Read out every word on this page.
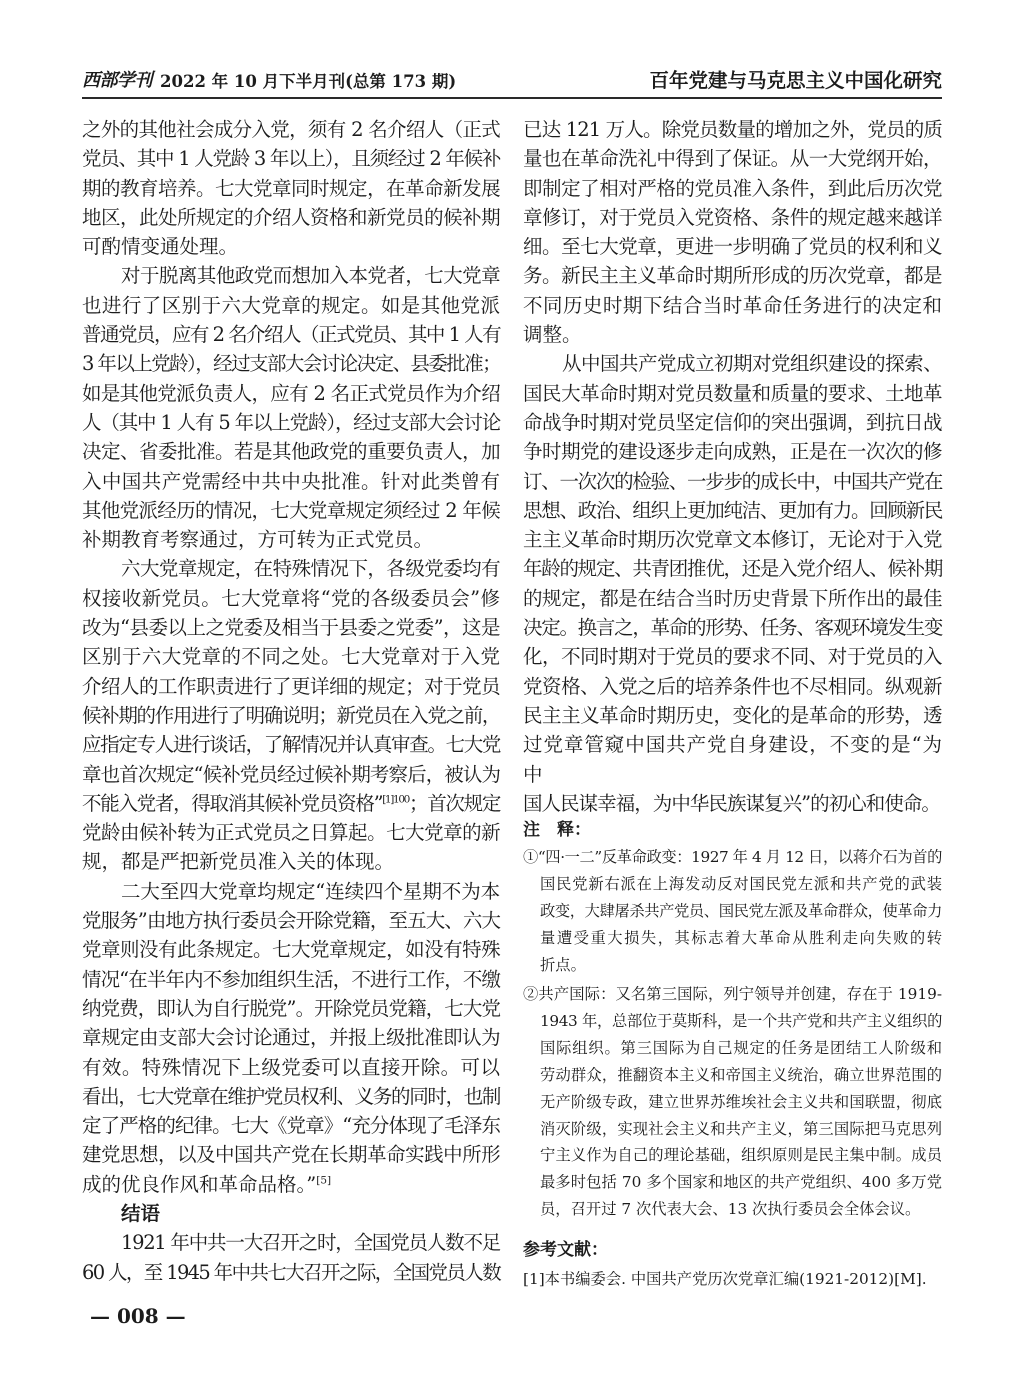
西部学刊 2022 年 10 月下半月刊(总第 173 期)	百年党建与马克思主义中国化研究
之外的其他社会成分入党，须有 2 名介绍人（正式
党员、其中 1 人党龄 3 年以上），且须经过 2 年候补
期的教育培养。七大党章同时规定，在革命新发展
地区，此处所规定的介绍人资格和新党员的候补期
可酌情变通处理。
对于脱离其他政党而想加入本党者，七大党章
也进行了区别于六大党章的规定。如是其他党派
普通党员，应有 2 名介绍人（正式党员、其中 1 人有
3 年以上党龄），经过支部大会讨论决定、县委批准；
如是其他党派负责人，应有 2 名正式党员作为介绍
人（其中 1 人有 5 年以上党龄），经过支部大会讨论
决定、省委批准。若是其他政党的重要负责人，加
入中国共产党需经中共中央批准。针对此类曾有
其他党派经历的情况，七大党章规定须经过 2 年候
补期教育考察通过，方可转为正式党员。
六大党章规定，在特殊情况下，各级党委均有
权接收新党员。七大党章将“党的各级委员会”修
改为“县委以上之党委及相当于县委之党委”，这是
区别于六大党章的不同之处。七大党章对于入党
介绍人的工作职责进行了更详细的规定；对于党员
候补期的作用进行了明确说明；新党员在入党之前，
应指定专人进行谈话，了解情况并认真审查。七大党
章也首次规定“候补党员经过候补期考察后，被认为
不能入党者，得取消其候补党员资格”$^{[1]100}$；首次规定
党龄由候补转为正式党员之日算起。七大党章的新
规，都是严把新党员准入关的体现。
二大至四大党章均规定“连续四个星期不为本
党服务”由地方执行委员会开除党籍，至五大、六大
党章则没有此条规定。七大党章规定，如没有特殊
情况“在半年内不参加组织生活，不进行工作，不缴
纳党费，即认为自行脱党”。开除党员党籍，七大党
章规定由支部大会讨论通过，并报上级批准即认为
有效。特殊情况下上级党委可以直接开除。可以
看出，七大党章在维护党员权利、义务的同时，也制
定了严格的纪律。七大《党章》“充分体现了毛泽东
建党思想，以及中国共产党在长期革命实践中所形
成的优良作风和革命品格。”[5]
结语
1921 年中共一大召开之时，全国党员人数不足
60 人，至 1945 年中共七大召开之际，全国党员人数
已达 121 万人。除党员数量的增加之外，党员的质
量也在革命洗礼中得到了保证。从一大党纲开始，
即制定了相对严格的党员准入条件，到此后历次党
章修订，对于党员入党资格、条件的规定越来越详
细。至七大党章，更进一步明确了党员的权利和义
务。新民主主义革命时期所形成的历次党章，都是
不同历史时期下结合当时革命任务进行的决定和
调整。
从中国共产党成立初期对党组织建设的探索、
国民大革命时期对党员数量和质量的要求、土地革
命战争时期对党员坚定信仰的突出强调，到抗日战
争时期党的建设逐步走向成熟，正是在一次次的修
订、一次次的检验、一步步的成长中，中国共产党在
思想、政治、组织上更加纯洁、更加有力。回顾新民
主主义革命时期历次党章文本修订，无论对于入党
年龄的规定、共青团推优，还是入党介绍人、候补期
的规定，都是在结合当时历史背景下所作出的最佳
决定。换言之，革命的形势、任务、客观环境发生变
化，不同时期对于党员的要求不同、对于党员的入
党资格、入党之后的培养条件也不尽相同。纵观新
民主主义革命时期历史，变化的是革命的形势，透
过党章管窥中国共产党自身建设，不变的是“为中
国人民谋幸福，为中华民族谋复兴”的初心和使命。
注　释：
①“四·一二”反革命政变：1927 年 4 月 12 日，以蒋介石为首的
国民党新右派在上海发动反对国民党左派和共产党的武装
政变，大肆屠杀共产党员、国民党左派及革命群众，使革命力
量遭受重大损失，其标志着大革命从胜利走向失败的转
折点。
②共产国际：又名第三国际，列宁领导并创建，存在于 1919-
1943 年，总部位于莫斯科，是一个共产党和共产主义组织的
国际组织。第三国际为自己规定的任务是团结工人阶级和
劳动群众，推翻资本主义和帝国主义统治，确立世界范围的
无产阶级专政，建立世界苏维埃社会主义共和国联盟，彻底
消灭阶级，实现社会主义和共产主义，第三国际把马克思列
宁主义作为自己的理论基础，组织原则是民主集中制。成员
最多时包括 70 多个国家和地区的共产党组织、400 多万党
员，召开过 7 次代表大会、13 次执行委员会全体会议。
参考文献：
[1]本书编委会. 中国共产党历次党章汇编(1921-2012)[M].
— 008 —
